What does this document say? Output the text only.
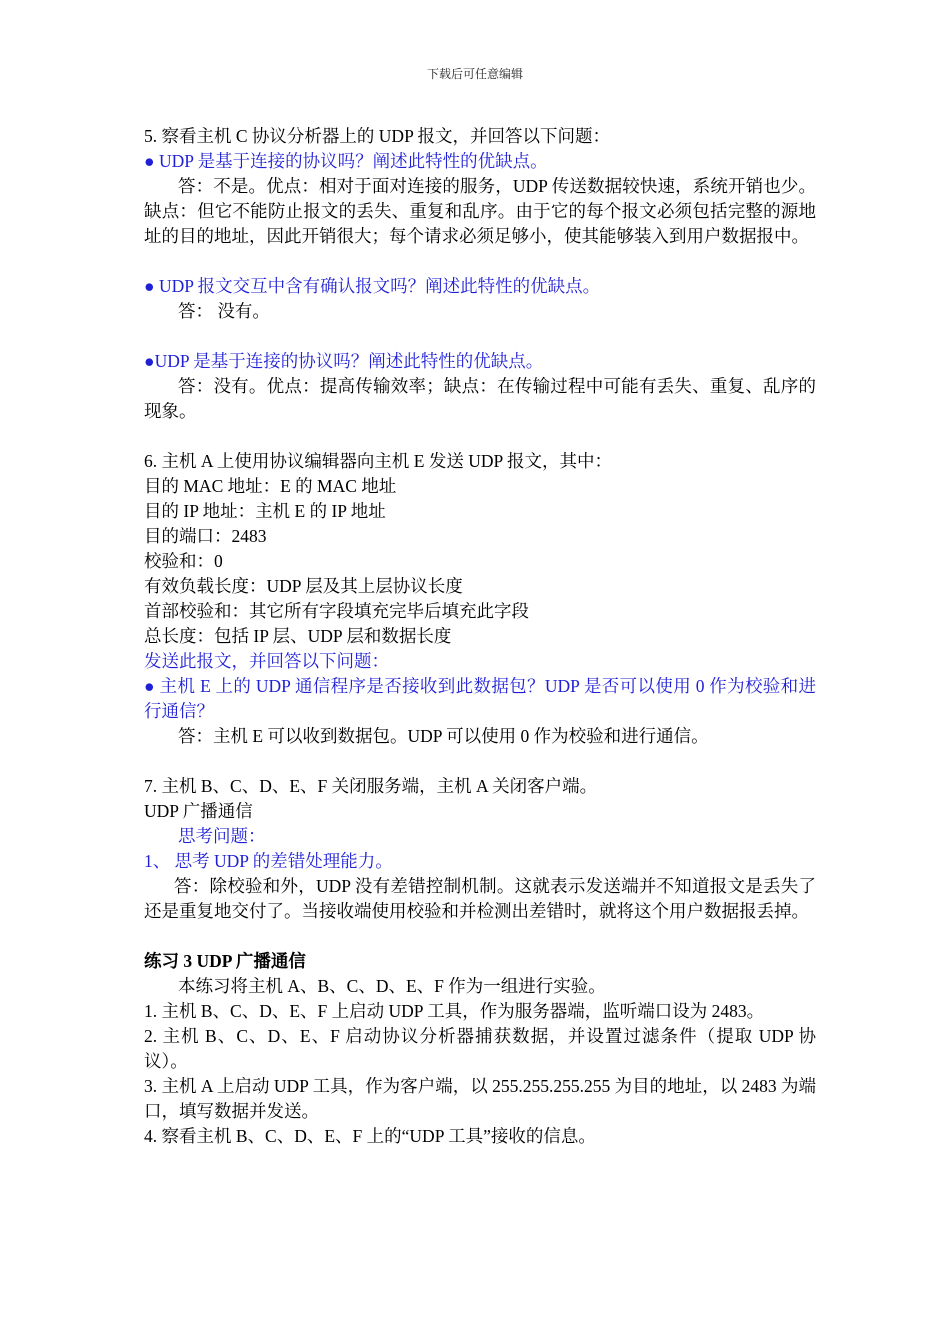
下载后可任意编辑

5. 察看主机 C 协议分析器上的 UDP 报文，并回答以下问题：

● UDP 是基于连接的协议吗？阐述此特性的优缺点。

答：不是。优点：相对于面对连接的服务，UDP 传送数据较快速，系统开销也少。 缺点：但它不能防止报文的丢失、重复和乱序。由于它的每个报文必须包括完整的源地址的目的地址，因此开销很大；每个请求必须足够小，使其能够装入到用户数据报中。

● UDP 报文交互中含有确认报文吗？阐述此特性的优缺点。

答： 没有。

●UDP 是基于连接的协议吗？阐述此特性的优缺点。

答：没有。优点：提高传输效率；缺点：在传输过程中可能有丢失、重复、乱序的现象。

6. 主机 A 上使用协议编辑器向主机 E 发送 UDP 报文，其中：

目的 MAC 地址：E 的 MAC 地址

目的 IP 地址：主机 E 的 IP 地址

目的端口：2483

校验和：0

有效负载长度：UDP 层及其上层协议长度

首部校验和：其它所有字段填充完毕后填充此字段

总长度：包括 IP 层、UDP 层和数据长度

发送此报文，并回答以下问题：

● 主机 E 上的 UDP 通信程序是否接收到此数据包？UDP 是否可以使用 0 作为校验和进行通信？

答：主机 E 可以收到数据包。UDP 可以使用 0 作为校验和进行通信。

7. 主机 B、C、D、E、F 关闭服务端，主机 A 关闭客户端。

UDP 广播通信

思考问题：

1、 思考 UDP 的差错处理能力。

答：除校验和外，UDP 没有差错控制机制。这就表示发送端并不知道报文是丢失了还是重复地交付了。当接收端使用校验和并检测出差错时，就将这个用户数据报丢掉。

练习 3 UDP 广播通信

本练习将主机 A、B、C、D、E、F 作为一组进行实验。

1. 主机 B、C、D、E、F 上启动 UDP 工具，作为服务器端，监听端口设为 2483。

2. 主机 B、C、D、E、F 启动协议分析器捕获数据，并设置过滤条件（提取 UDP 协议）。

3. 主机 A 上启动 UDP 工具，作为客户端，以 255.255.255.255 为目的地址，以 2483 为端口，填写数据并发送。

4. 察看主机 B、C、D、E、F 上的“UDP 工具”接收的信息。
